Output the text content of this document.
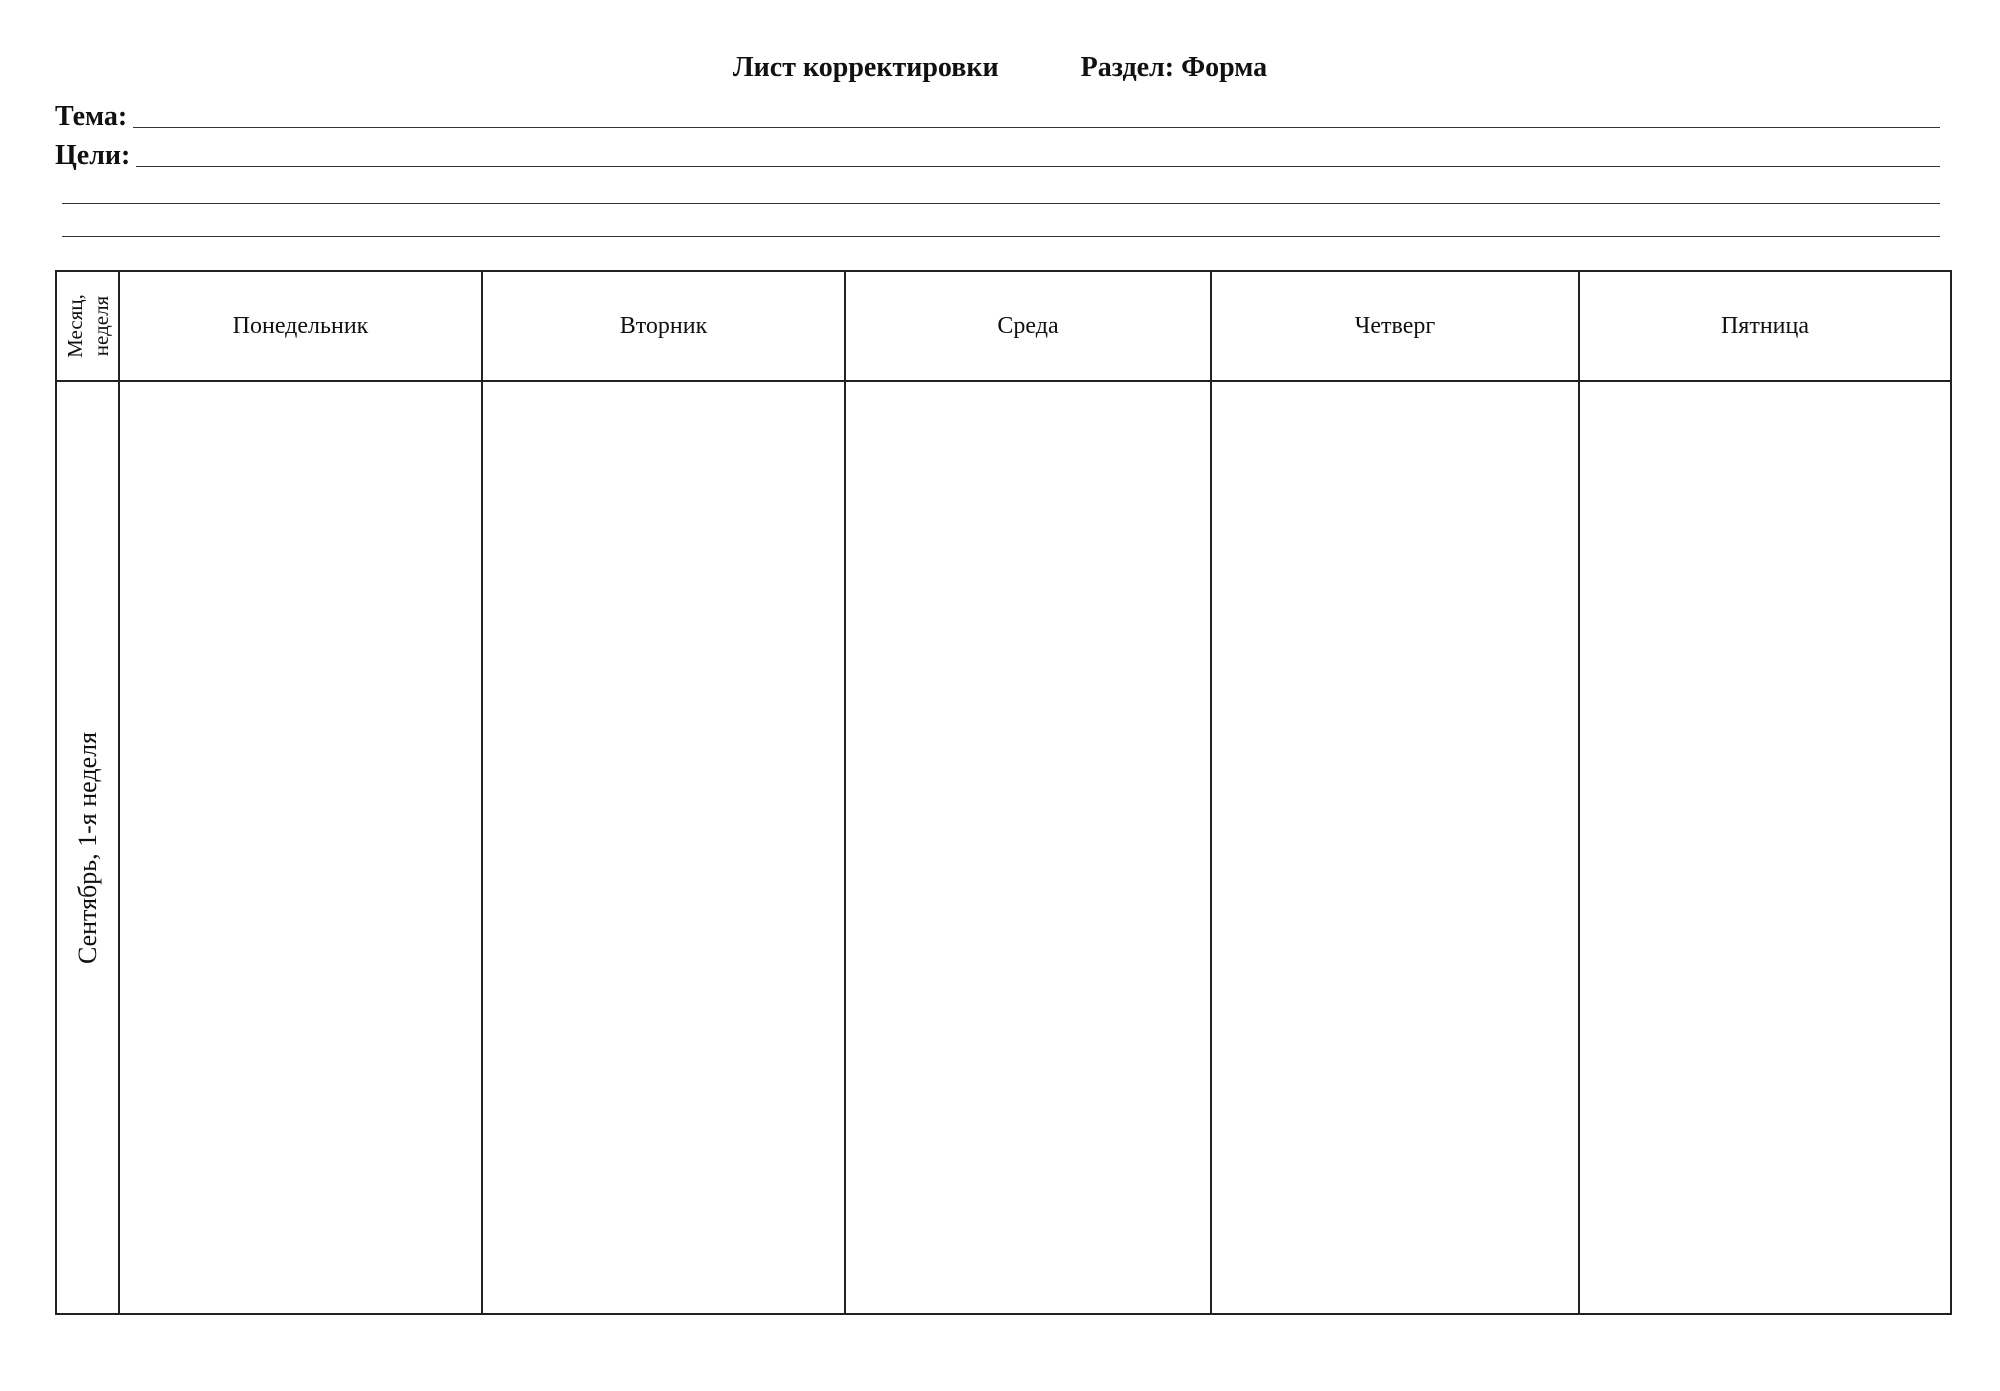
Лист корректировки	Раздел: Форма
Тема:
Цели:
Месяц, неделя	Понедельник	Вторник	Среда	Четверг	Пятница

Сентябрь, 1-я неделя					
